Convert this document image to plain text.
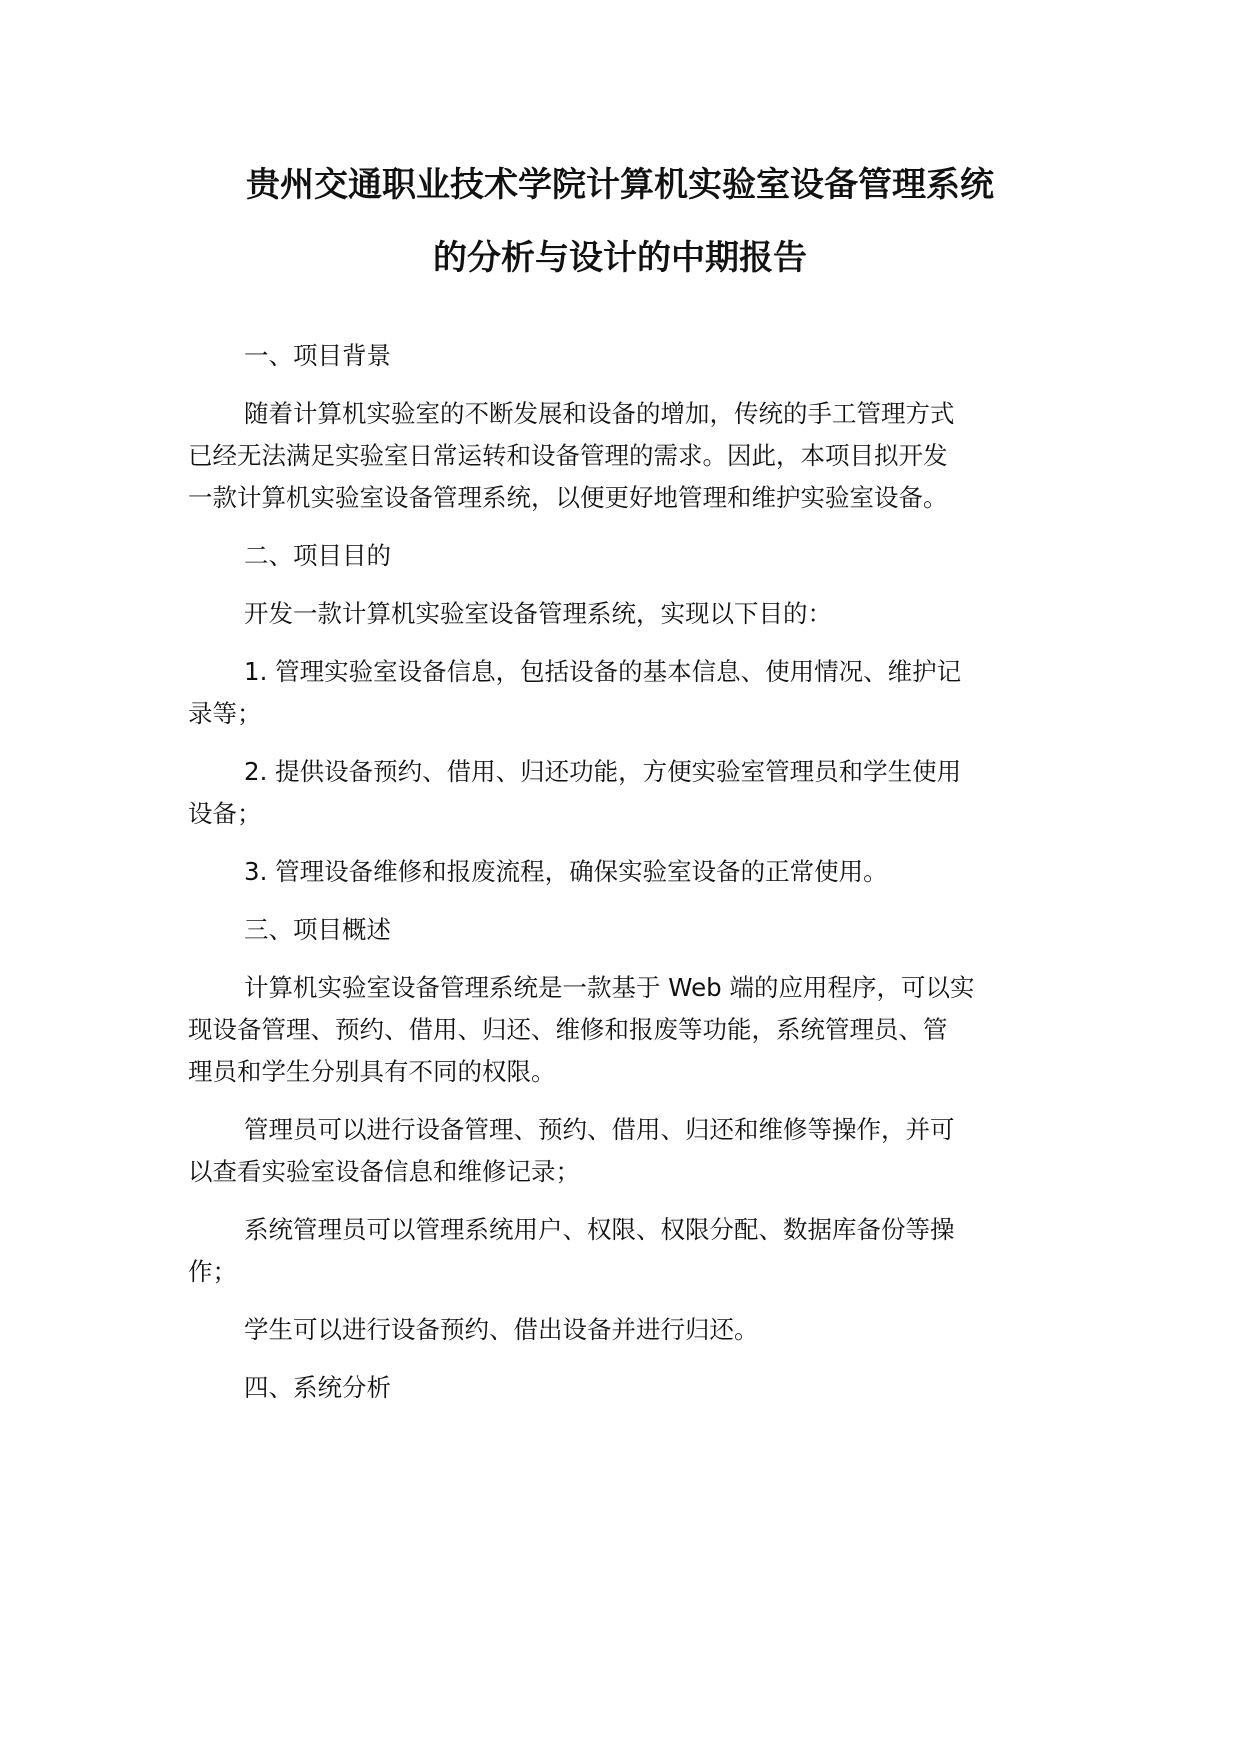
贵州交通职业技术学院计算机实验室设备管理系统
的分析与设计的中期报告
一、项目背景
随着计算机实验室的不断发展和设备的增加，传统的手工管理方式
已经无法满足实验室日常运转和设备管理的需求。因此，本项目拟开发
一款计算机实验室设备管理系统，以便更好地管理和维护实验室设备。
二、项目目的
开发一款计算机实验室设备管理系统，实现以下目的：
1. 管理实验室设备信息，包括设备的基本信息、使用情况、维护记
录等；
2. 提供设备预约、借用、归还功能，方便实验室管理员和学生使用
设备；
3. 管理设备维修和报废流程，确保实验室设备的正常使用。
三、项目概述
计算机实验室设备管理系统是一款基于 Web 端的应用程序，可以实
现设备管理、预约、借用、归还、维修和报废等功能，系统管理员、管
理员和学生分别具有不同的权限。
管理员可以进行设备管理、预约、借用、归还和维修等操作，并可
以查看实验室设备信息和维修记录；
系统管理员可以管理系统用户、权限、权限分配、数据库备份等操
作；
学生可以进行设备预约、借出设备并进行归还。
四、系统分析
